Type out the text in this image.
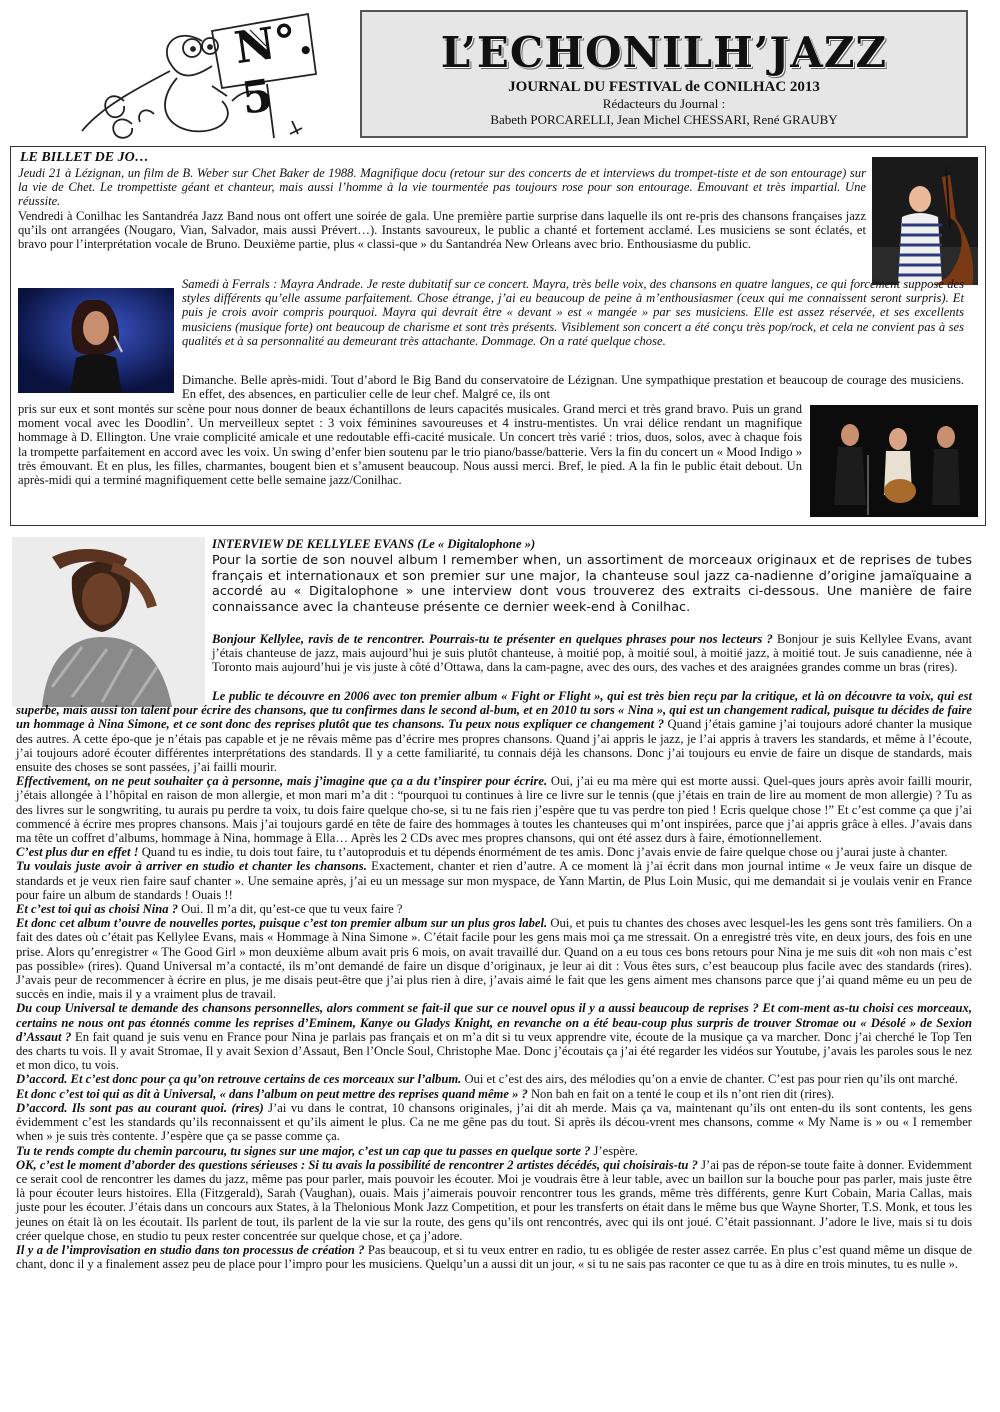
N°. 5
L’ECHONILH’JAZZ
JOURNAL DU FESTIVAL de CONILHAC 2013
Rédacteurs du Journal :
Babeth PORCARELLI, Jean Michel CHESSARI, René GRAUBY
LE BILLET DE JO…
Jeudi 21 à Lézignan, un film de B. Weber sur Chet Baker de 1988. Magnifique docu (retour sur des concerts de et interviews du trompet-tiste et de son entourage) sur la vie de Chet. Le trompettiste géant et chanteur, mais aussi l’homme à la vie tourmentée pas toujours rose pour son entourage. Emouvant et très impartial. Une réussite.
Vendredi à Conilhac les Santandréa Jazz Band nous ont offert une soirée de gala. Une première partie surprise dans laquelle ils ont re-pris des chansons françaises jazz qu’ils ont arrangées (Nougaro, Vian, Salvador, mais aussi Prévert…). Instants savoureux, le public a chanté et fortement acclamé. Les musiciens se sont éclatés, et bravo pour l’interprétation vocale de Bruno. Deuxième partie, plus « classi-que » du Santandréa New Orleans avec brio. Enthousiasme du public.
Samedi à Ferrals : Mayra Andrade. Je reste dubitatif sur ce concert. Mayra, très belle voix, des chansons en quatre langues, ce qui forcément suppose des styles différents qu’elle assume parfaitement. Chose étrange, j’ai eu beaucoup de peine à m’enthousiasmer (ceux qui me connaissent seront surpris). Et puis je crois avoir compris pourquoi. Mayra qui devrait être « devant » est « mangée » par ses musiciens. Elle est assez réservée, et ses excellents musiciens (musique forte) ont beaucoup de charisme et sont très présents. Visiblement son concert a été conçu très pop/rock, et cela ne convient pas à ses qualités et à sa personnalité au demeurant très attachante. Dommage. On a raté quelque chose.
Dimanche. Belle après-midi. Tout d’abord le Big Band du conservatoire de Lézignan. Une sympathique prestation et beaucoup de courage des musiciens. En effet, des absences, en particulier celle de leur chef. Malgré ce, ils ont
pris sur eux et sont montés sur scène pour nous donner de beaux échantillons de leurs capacités musicales. Grand merci et très grand bravo. Puis un grand moment vocal avec les Doodlin’. Un merveilleux septet : 3 voix féminines savoureuses et 4 instru-mentistes. Un vrai délice rendant un magnifique hommage à D. Ellington. Une vraie complicité amicale et une redoutable effi-cacité musicale. Un concert très varié : trios, duos, solos, avec à chaque fois la trompette parfaitement en accord avec les voix. Un swing d’enfer bien soutenu par le trio piano/basse/batterie. Vers la fin du concert un « Mood Indigo » très émouvant. Et en plus, les filles, charmantes, bougent bien et s’amusent beaucoup. Nous aussi merci. Bref, le pied. A la fin le public était debout. Un après-midi qui a terminé magnifiquement cette belle semaine jazz/Conilhac.
INTERVIEW DE KELLYLEE EVANS (Le « Digitalophone »)
Pour la sortie de son nouvel album I remember when, un assortiment de morceaux originaux et de reprises de tubes français et internationaux et son premier sur une major, la chanteuse soul jazz ca-nadienne d’origine jamaïquaine a accordé au « Digitalophone » une interview dont vous trouverez des extraits ci-dessous. Une manière de faire connaissance avec la chanteuse présente ce dernier week-end à Conilhac.

Bonjour Kellylee, ravis de te rencontrer. Pourrais-tu te présenter en quelques phrases pour nos lecteurs ? Bonjour je suis Kellylee Evans, avant j’étais chanteuse de jazz, mais aujourd’hui je suis plutôt chanteuse, à moitié pop, à moitié soul, à moitié jazz, à moitié tout. Je suis canadienne, née à Toronto mais aujourd’hui je vis juste à côté d’Ottawa, dans la cam-pagne, avec des ours, des vaches et des araignées grandes comme un bras (rires).

Le public te découvre en 2006 avec ton premier album « Fight or Flight », qui est très bien reçu par la critique, et là on découvre ta voix, qui est superbe, mais aussi ton talent pour écrire des chansons, que tu confirmes dans le second al-bum, et en 2010 tu sors « Nina », qui est un changement radical, puisque tu décides de faire un hommage à Nina Simone, et ce sont donc des reprises plutôt que tes chansons. Tu peux nous expliquer ce changement ? Quand j’étais gamine j’ai toujours adoré chanter la musique des autres. A cette épo-que je n’étais pas capable et je ne rêvais même pas d’écrire mes propres chansons. Quand j’ai appris le jazz, je l’ai appris à travers les standards, et même à l’écoute, j’ai toujours adoré écouter différentes interprétations des standards. Il y a cette familiarité, tu connais déjà les chansons. Donc j’ai toujours eu envie de faire un disque de standards, mais ensuite des choses se sont passées, j’ai failli mourir.

Effectivement, on ne peut souhaiter ça à personne, mais j’imagine que ça a du t’inspirer pour écrire. Oui, j’ai eu ma mère qui est morte aussi. Quel-ques jours après avoir failli mourir, j’étais allongée à l’hôpital en raison de mon allergie, et mon mari m’a dit : “pourquoi tu continues à lire ce livre sur le tennis (que j’étais en train de lire au moment de mon allergie) ? Tu as des livres sur le songwriting, tu aurais pu perdre ta voix, tu dois faire quelque cho-se, si tu ne fais rien j’espère que tu vas perdre ton pied ! Ecris quelque chose !” Et c’est comme ça que j’ai commencé à écrire mes propres chansons. Mais j’ai toujours gardé en tête de faire des hommages à toutes les chanteuses qui m’ont inspirées, parce que j’ai appris grâce à elles. J’avais dans ma tête un coffret d’albums, hommage à Nina, hommage à Ella… Après les 2 CDs avec mes propres chansons, qui ont été assez durs à faire, émotionnellement.

C’est plus dur en effet ! Quand tu es indie, tu dois tout faire, tu t’autoproduis et tu dépends énormément de tes amis. Donc j’avais envie de faire quelque chose ou j’aurai juste à chanter.

Tu voulais juste avoir à arriver en studio et chanter les chansons. Exactement, chanter et rien d’autre. A ce moment là j’ai écrit dans mon journal intime « Je veux faire un disque de standards et je veux rien faire sauf chanter ». Une semaine après, j’ai eu un message sur mon myspace, de Yann Martin, de Plus Loin Music, qui me demandait si je voulais venir en France pour faire un album de standards ! Ouais !!

Et c’est toi qui as choisi Nina ? Oui. Il m’a dit, qu’est-ce que tu veux faire ?

Et donc cet album t’ouvre de nouvelles portes, puisque c’est ton premier album sur un plus gros label. Oui, et puis tu chantes des choses avec lesquel-les les gens sont très familiers. On a fait des dates où c’était pas Kellylee Evans, mais « Hommage à Nina Simone ». C’était facile pour les gens mais moi ça me stressait. On a enregistré très vite, en deux jours, des fois en une prise. Alors qu’enregistrer « The Good Girl » mon deuxième album avait pris 6 mois, on avait travaillé dur. Quand on a eu tous ces bons retours pour Nina je me suis dit «oh non mais c’est pas possible» (rires). Quand Universal m’a contacté, ils m’ont demandé de faire un disque d’originaux, je leur ai dit : Vous êtes surs, c’est beaucoup plus facile avec des standards (rires). J’avais peur de recommencer à écrire en plus, je me disais peut-être que j’ai plus rien à dire, j’avais aimé le fait que les gens aiment mes chansons parce que j’ai quand même eu un peu de succès en indie, mais il y a vraiment plus de travail.

Du coup Universal te demande des chansons personnelles, alors comment se fait-il que sur ce nouvel opus il y a aussi beaucoup de reprises ? Et com-ment as-tu choisi ces morceaux, certains ne nous ont pas étonnés comme les reprises d’Eminem, Kanye ou Gladys Knight, en revanche on a été beau-coup plus surpris de trouver Stromae ou « Désolé » de Sexion d’Assaut ? En fait quand je suis venu en France pour Nina je parlais pas français et on m’a dit si tu veux apprendre vite, écoute de la musique ça va marcher. Donc j’ai cherché le Top Ten des charts tu vois. Il y avait Stromae, Il y avait Sexion d’Assaut, Ben l’Oncle Soul, Christophe Mae. Donc j’écoutais ça j’ai été regarder les vidéos sur Youtube, j’avais les paroles sous le nez et mon dico, tu vois.

D’accord. Et c’est donc pour ça qu’on retrouve certains de ces morceaux sur l’album. Oui et c’est des airs, des mélodies qu’on a envie de chanter. C’est pas pour rien qu’ils ont marché.

Et donc c’est toi qui as dit à Universal, « dans l’album on peut mettre des reprises quand même » ? Non bah en fait on a tenté le coup et ils n’ont rien dit (rires).

D’accord. Ils sont pas au courant quoi. (rires) J’ai vu dans le contrat, 10 chansons originales, j’ai dit ah merde. Mais ça va, maintenant qu’ils ont enten-du ils sont contents, les gens évidemment c’est les standards qu’ils reconnaissent et qu’ils aiment le plus. Ca ne me gêne pas du tout. Si après ils décou-vrent mes chansons, comme « My Name is » ou « I remember when » je suis très contente. J’espère que ça se passe comme ça.

Tu te rends compte du chemin parcouru, tu signes sur une major, c’est un cap que tu passes en quelque sorte ? J’espère.

OK, c’est le moment d’aborder des questions sérieuses : Si tu avais la possibilité de rencontrer 2 artistes décédés, qui choisirais-tu ? J’ai pas de répon-se toute faite à donner. Evidemment ce serait cool de rencontrer les dames du jazz, même pas pour parler, mais pouvoir les écouter. Moi je voudrais être à leur table, avec un baillon sur la bouche pour pas parler, mais juste être là pour écouter leurs histoires. Ella (Fitzgerald), Sarah (Vaughan), ouais. Mais j’aimerais pouvoir rencontrer tous les grands, même très différents, genre Kurt Cobain, Maria Callas, mais juste pour les écouter. J’étais dans un concours aux States, à la Thelonious Monk Jazz Competition, et pour les transferts on était dans le même bus que Wayne Shorter, T.S. Monk, et tous les jeunes on était là on les écoutait. Ils parlent de tout, ils parlent de la vie sur la route, des gens qu’ils ont rencontrés, avec qui ils ont joué. C’était passionnant. J’adore le live, mais si tu dois créer quelque chose, en studio tu peux rester concentrée sur quelque chose, et ça j’adore.

Il y a de l’improvisation en studio dans ton processus de création ? Pas beaucoup, et si tu veux entrer en radio, tu es obligée de rester assez carrée. En plus c’est quand même un disque de chant, donc il y a finalement assez peu de place pour l’impro pour les musiciens. Quelqu’un a aussi dit un jour, « si tu ne sais pas raconter ce que tu as à dire en trois minutes, tu es nulle ».
